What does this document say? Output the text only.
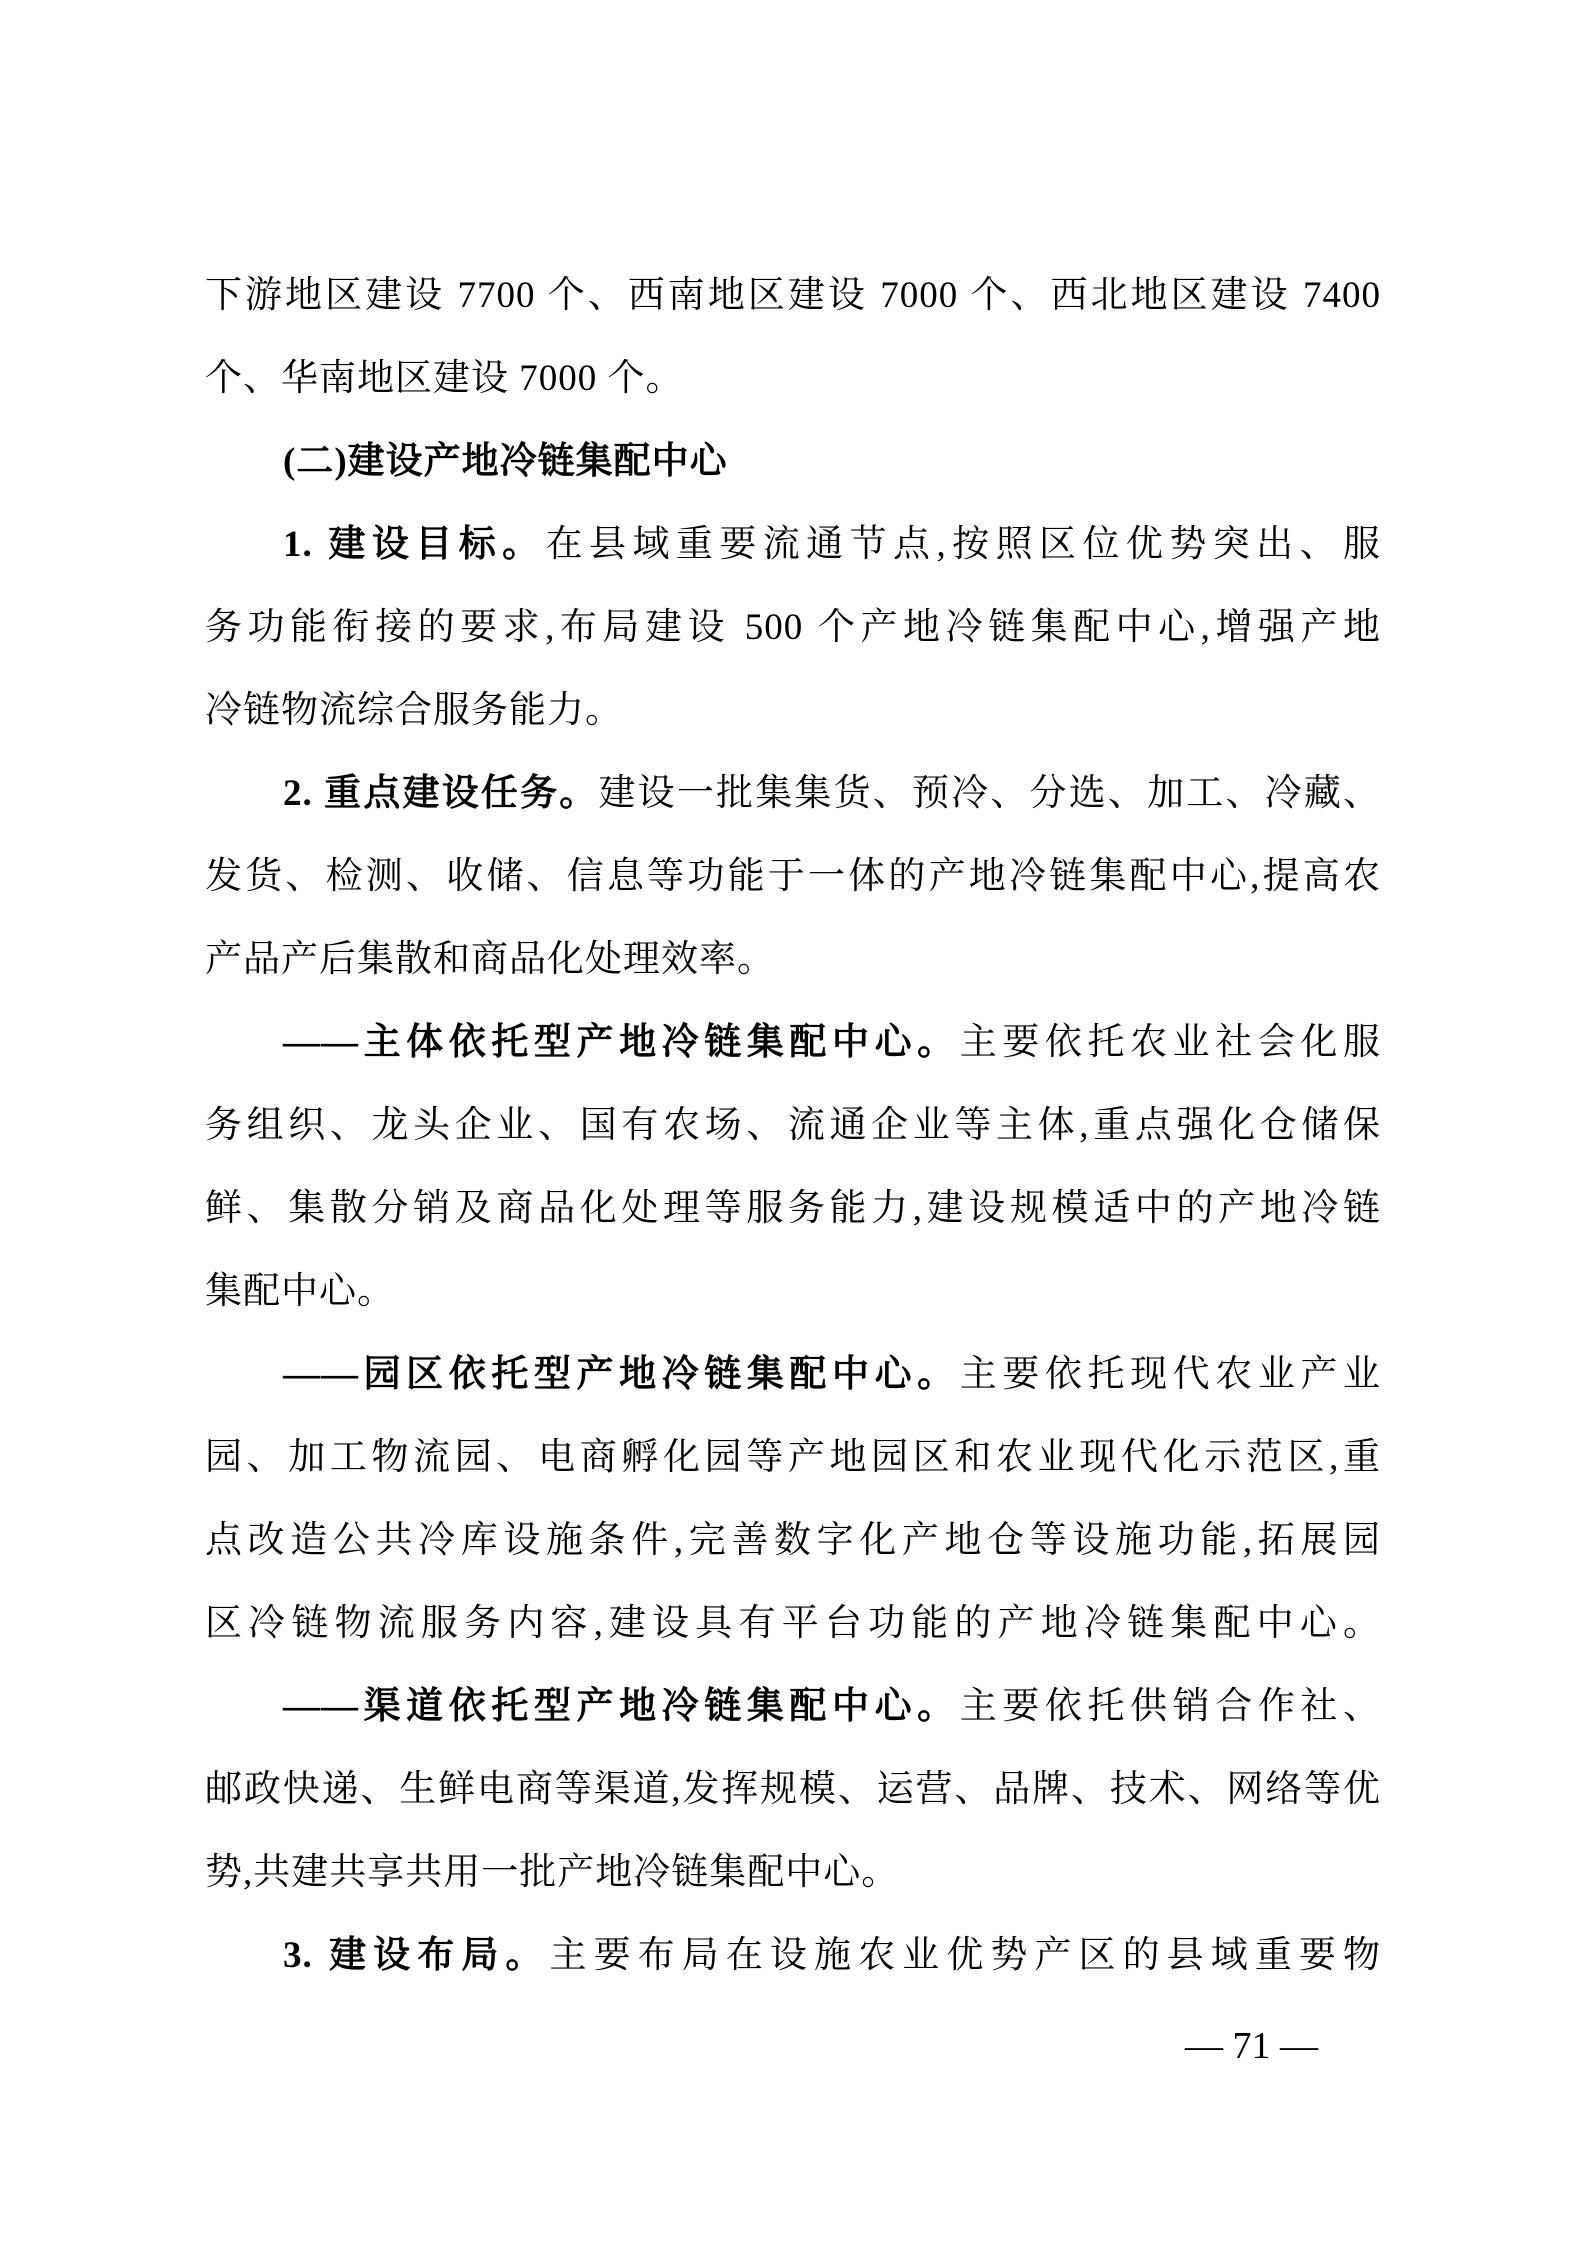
下游地区建设 7700 个、西南地区建设 7000 个、西北地区建设 7400
个、华南地区建设 7000 个。
(二)建设产地冷链集配中心
1. 建设目标。在县域重要流通节点,按照区位优势突出、服
务功能衔接的要求,布局建设 500 个产地冷链集配中心,增强产地
冷链物流综合服务能力。
2. 重点建设任务。建设一批集集货、预冷、分选、加工、冷藏、
发货、检测、收储、信息等功能于一体的产地冷链集配中心,提高农
产品产后集散和商品化处理效率。
——主体依托型产地冷链集配中心。主要依托农业社会化服
务组织、龙头企业、国有农场、流通企业等主体,重点强化仓储保
鲜、集散分销及商品化处理等服务能力,建设规模适中的产地冷链
集配中心。
——园区依托型产地冷链集配中心。主要依托现代农业产业
园、加工物流园、电商孵化园等产地园区和农业现代化示范区,重
点改造公共冷库设施条件,完善数字化产地仓等设施功能,拓展园
区冷链物流服务内容,建设具有平台功能的产地冷链集配中心。
——渠道依托型产地冷链集配中心。主要依托供销合作社、
邮政快递、生鲜电商等渠道,发挥规模、运营、品牌、技术、网络等优
势,共建共享共用一批产地冷链集配中心。
3. 建设布局。主要布局在设施农业优势产区的县域重要物
— 71 —
